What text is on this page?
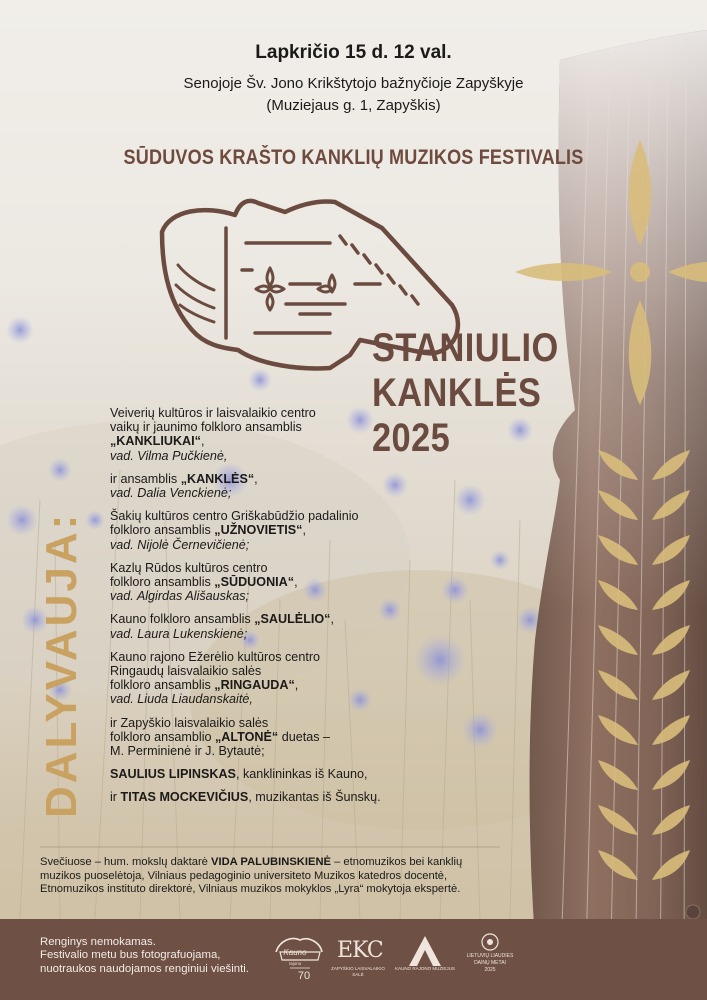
Lapkričio 15 d. 12 val.
Senojoje Šv. Jono Krikštytojo bažnyčioje Zapyškyje
(Muziejaus g. 1, Zapyškis)
SŪDUVOS KRAŠTO KANKLIŲ MUZIKOS FESTIVALIS
STANIULIO
KANKLĖS
2025
DALYVAUJA:
Veiverių kultūros ir laisvalaikio centro
vaikų ir jaunimo folkloro ansamblis
„KANKLIUKAI“,
vad. Vilma Pučkienė,
ir ansamblis „KANKLĖS“,
vad. Dalia Venckienė;
Šakių kultūros centro Griškabūdžio padalinio
folkloro ansamblis „UŽNOVIETIS“,
vad. Nijolė Černevičienė;
Kazlų Rūdos kultūros centro
folkloro ansamblis „SŪDUONIA“,
vad. Algirdas Ališauskas;
Kauno folkloro ansamblis „SAULĖLIO“,
vad. Laura Lukenskienė;
Kauno rajono Ežerėlio kultūros centro
Ringaudų laisvalaikio salės
folkloro ansamblis „RINGAUDA“,
vad. Liuda Liaudanskaitė,
ir Zapyškio laisvalaikio salės
folkloro ansamblio „ALTONĖ“ duetas –
M. Perminienė ir J. Bytautė;
SAULIUS LIPINSKAS, kanklininkas iš Kauno,
ir TITAS MOCKEVIČIUS, muzikantas iš Šunskų.
Svečiuose – hum. mokslų daktarė VIDA PALUBINSKIENĖ – etnomuzikos bei kanklių
muzikos puoselėtoja, Vilniaus pedagoginio universiteto Muzikos katedros docentė,
Etnomuzikos instituto direktorė, Vilniaus muzikos mokyklos „Lyra“ mokytoja ekspertė.
Renginys nemokamas.
Festivalio metu bus fotografuojama,
nuotraukos naudojamos renginiui viešinti.
Kauno
rajono
70
EKC
ZAPYŠKIO LAISVALAIKIO SALĖ
KAUNO RAJONO MUZIEJUS
LIETUVIŲ LIAUDIES
DAINŲ METAI
2025
